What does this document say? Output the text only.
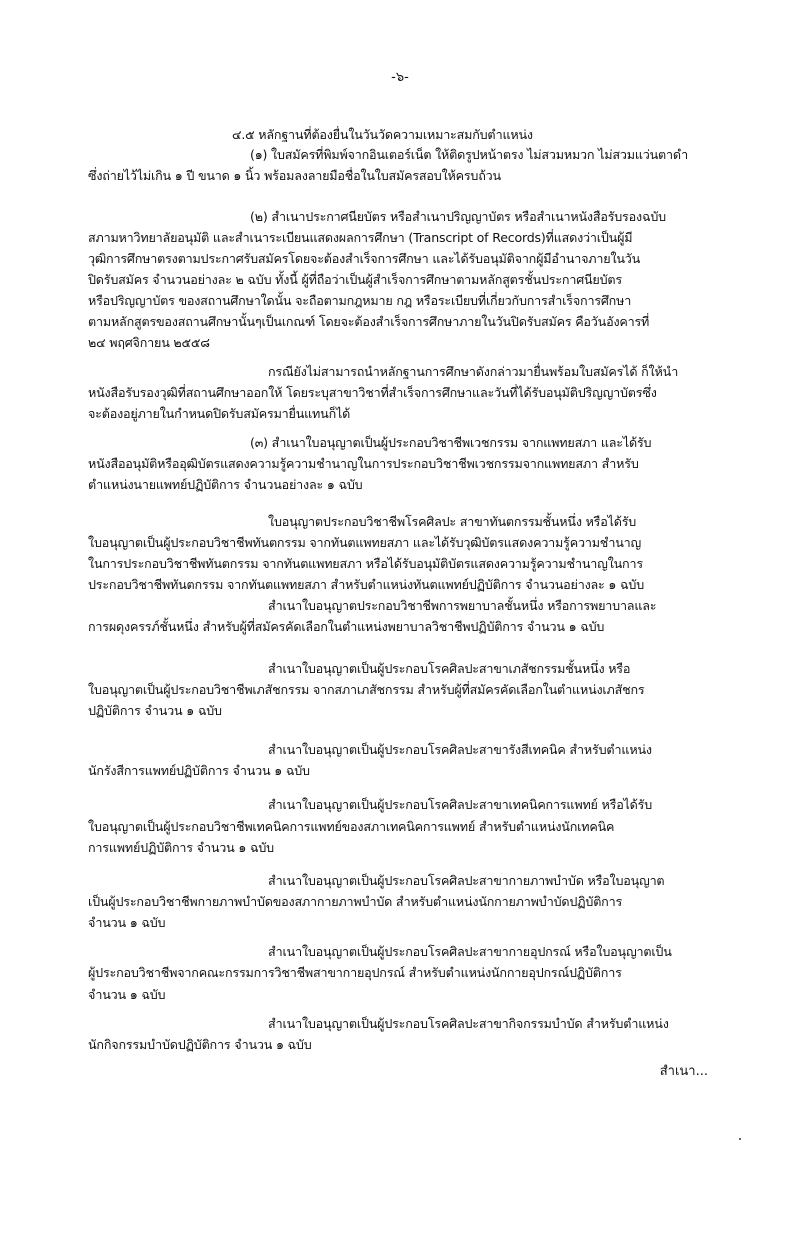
-๖-
๔.๕ หลักฐานที่ต้องยื่นในวันวัดความเหมาะสมกับตำแหน่ง
(๑) ใบสมัครที่พิมพ์จากอินเตอร์เน็ต ให้ติดรูปหน้าตรง ไม่สวมหมวก ไม่สวมแว่นตาดำ
ซึ่งถ่ายไว้ไม่เกิน ๑ ปี ขนาด ๑ นิ้ว พร้อมลงลายมือชื่อในใบสมัครสอบให้ครบถ้วน
(๒) สำเนาประกาศนียบัตร หรือสำเนาปริญญาบัตร หรือสำเนาหนังสือรับรองฉบับ
สภามหาวิทยาลัยอนุมัติ และสำเนาระเบียนแสดงผลการศึกษา (Transcript of Records)ที่แสดงว่าเป็นผู้มี
วุฒิการศึกษาตรงตามประกาศรับสมัครโดยจะต้องสำเร็จการศึกษา และได้รับอนุมัติจากผู้มีอำนาจภายในวัน
ปิดรับสมัคร จำนวนอย่างละ ๒ ฉบับ ทั้งนี้ ผู้ที่ถือว่าเป็นผู้สำเร็จการศึกษาตามหลักสูตรชั้นประกาศนียบัตร
หรือปริญญาบัตร ของสถานศึกษาใดนั้น จะถือตามกฎหมาย กฎ หรือระเบียบที่เกี่ยวกับการสำเร็จการศึกษา
ตามหลักสูตรของสถานศึกษานั้นๆเป็นเกณฑ์ โดยจะต้องสำเร็จการศึกษาภายในวันปิดรับสมัคร คือวันอังคารที่
๒๔ พฤศจิกายน ๒๕๕๘
กรณียังไม่สามารถนำหลักฐานการศึกษาดังกล่าวมายื่นพร้อมใบสมัครได้ ก็ให้นำ
หนังสือรับรองวุฒิที่สถานศึกษาออกให้ โดยระบุสาขาวิชาที่สำเร็จการศึกษาและวันที่ได้รับอนุมัติปริญญาบัตรซึ่ง
จะต้องอยู่ภายในกำหนดปิดรับสมัครมายื่นแทนก็ได้
(๓) สำเนาใบอนุญาตเป็นผู้ประกอบวิชาชีพเวชกรรม จากแพทยสภา และได้รับ
หนังสืออนุมัติหรืออุฒิบัตรแสดงความรู้ความชำนาญในการประกอบวิชาชีพเวชกรรมจากแพทยสภา สำหรับ
ตำแหน่งนายแพทย์ปฏิบัติการ จำนวนอย่างละ ๑ ฉบับ
ใบอนุญาตประกอบวิชาชีพโรคศิลปะ สาขาทันตกรรมชั้นหนึ่ง หรือได้รับ
ใบอนุญาตเป็นผู้ประกอบวิชาชีพทันตกรรม จากทันตแพทยสภา และได้รับวุฒิบัตรแสดงความรู้ความชำนาญ
ในการประกอบวิชาชีพทันตกรรม จากทันตแพทยสภา หรือได้รับอนุมัติบัตรแสดงความรู้ความชำนาญในการ
ประกอบวิชาชีพทันตกรรม จากทันตแพทยสภา สำหรับตำแหน่งทันตแพทย์ปฏิบัติการ จำนวนอย่างละ ๑ ฉบับ
สำเนาใบอนุญาตประกอบวิชาชีพการพยาบาลชั้นหนึ่ง หรือการพยาบาลและ
การผดุงครรภ์ชั้นหนึ่ง สำหรับผู้ที่สมัครคัดเลือกในตำแหน่งพยาบาลวิชาชีพปฏิบัติการ จำนวน ๑ ฉบับ
สำเนาใบอนุญาตเป็นผู้ประกอบโรคศิลปะสาขาเภสัชกรรมชั้นหนึ่ง หรือ
ใบอนุญาตเป็นผู้ประกอบวิชาชีพเภสัชกรรม จากสภาเภสัชกรรม สำหรับผู้ที่สมัครคัดเลือกในตำแหน่งเภสัชกร
ปฏิบัติการ จำนวน ๑ ฉบับ
สำเนาใบอนุญาตเป็นผู้ประกอบโรคศิลปะสาขารังสีเทคนิค สำหรับตำแหน่ง
นักรังสีการแพทย์ปฏิบัติการ จำนวน ๑ ฉบับ
สำเนาใบอนุญาตเป็นผู้ประกอบโรคศิลปะสาขาเทคนิคการแพทย์ หรือได้รับ
ใบอนุญาตเป็นผู้ประกอบวิชาชีพเทคนิคการแพทย์ของสภาเทคนิคการแพทย์ สำหรับตำแหน่งนักเทคนิค
การแพทย์ปฏิบัติการ จำนวน ๑ ฉบับ
สำเนาใบอนุญาตเป็นผู้ประกอบโรคศิลปะสาขากายภาพบำบัด หรือใบอนุญาต
เป็นผู้ประกอบวิชาชีพกายภาพบำบัดของสภากายภาพบำบัด สำหรับตำแหน่งนักกายภาพบำบัดปฏิบัติการ
จำนวน ๑ ฉบับ
สำเนาใบอนุญาตเป็นผู้ประกอบโรคศิลปะสาขากายอุปกรณ์ หรือใบอนุญาตเป็น
ผู้ประกอบวิชาชีพจากคณะกรรมการวิชาชีพสาขากายอุปกรณ์ สำหรับตำแหน่งนักกายอุปกรณ์ปฏิบัติการ
จำนวน ๑ ฉบับ
สำเนาใบอนุญาตเป็นผู้ประกอบโรคศิลปะสาขากิจกรรมบำบัด สำหรับตำแหน่ง
นักกิจกรรมบำบัดปฏิบัติการ จำนวน ๑ ฉบับ
สำเนา...
